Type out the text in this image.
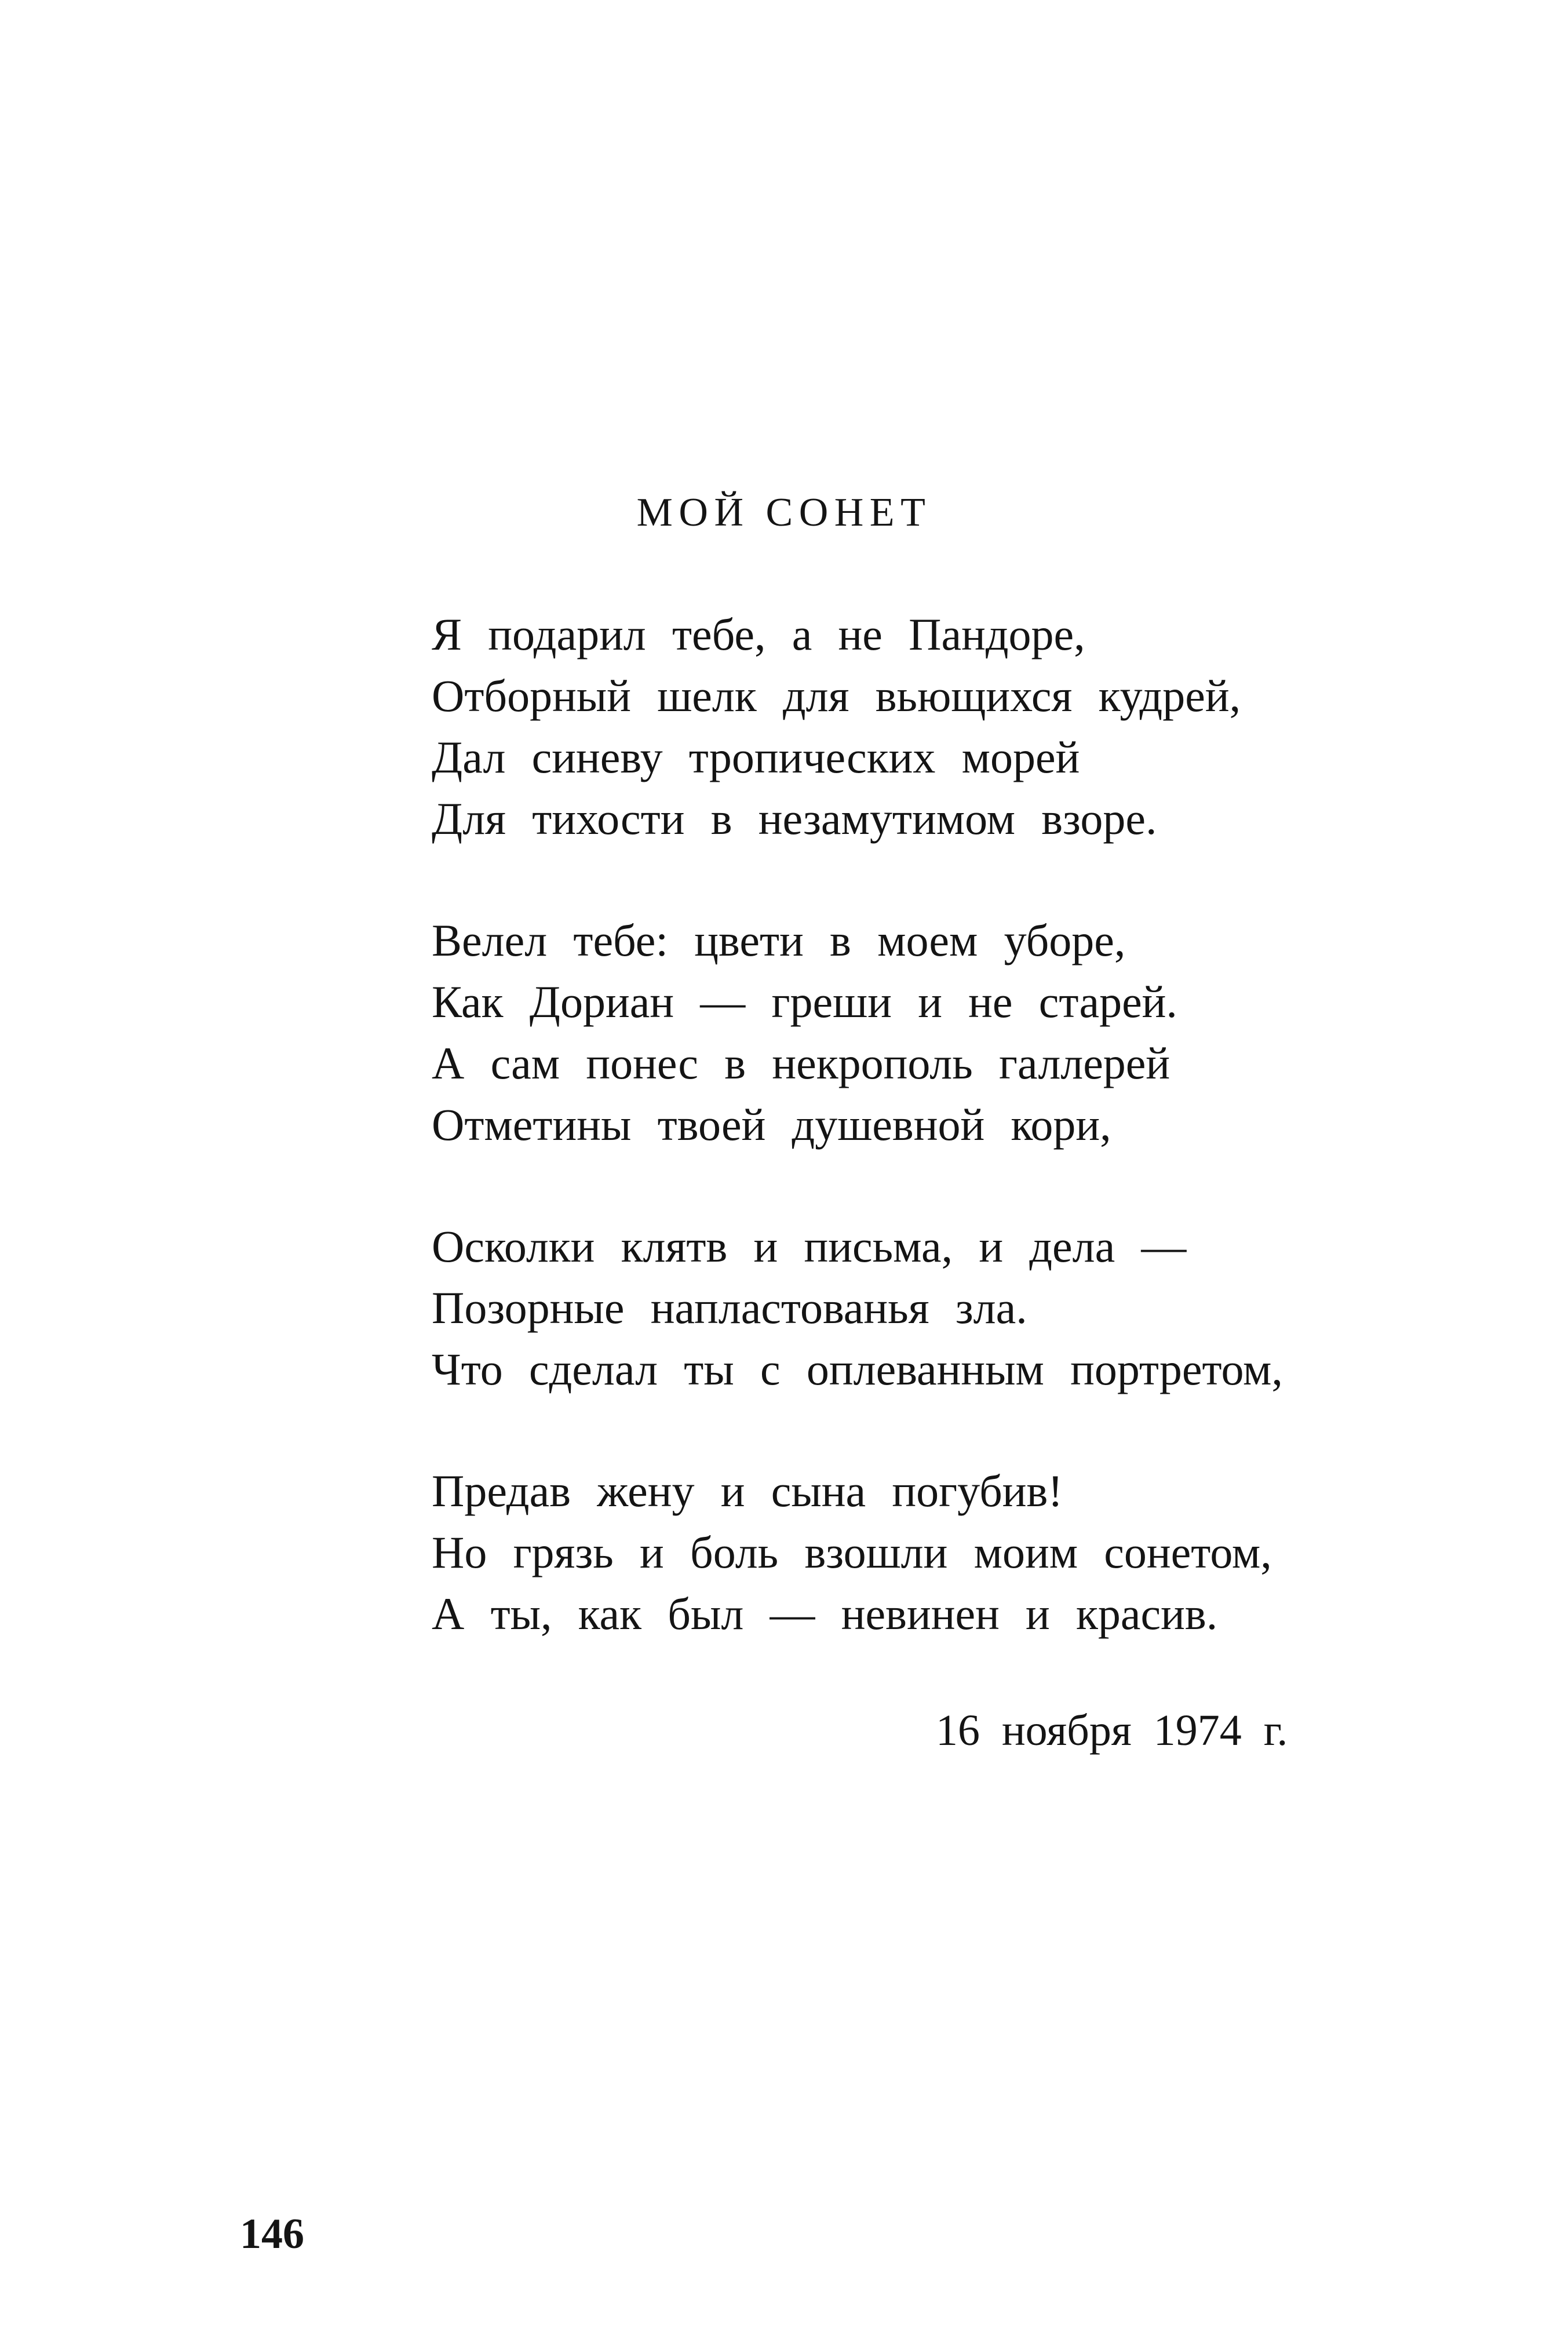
МОЙ СОНЕТ
Я подарил тебе, а не Пандоре,
Отборный шелк для вьющихся кудрей,
Дал синеву тропических морей
Для тихости в незамутимом взоре.
Велел тебе: цвети в моем уборе,
Как Дориан — греши и не старей.
А сам понес в некрополь галлерей
Отметины твоей душевной кори,
Осколки клятв и письма, и дела —
Позорные напластованья зла.
Что сделал ты с оплеванным портретом,
Предав жену и сына погубив!
Но грязь и боль взошли моим сонетом,
А ты, как был — невинен и красив.
16 ноября 1974 г.
146
